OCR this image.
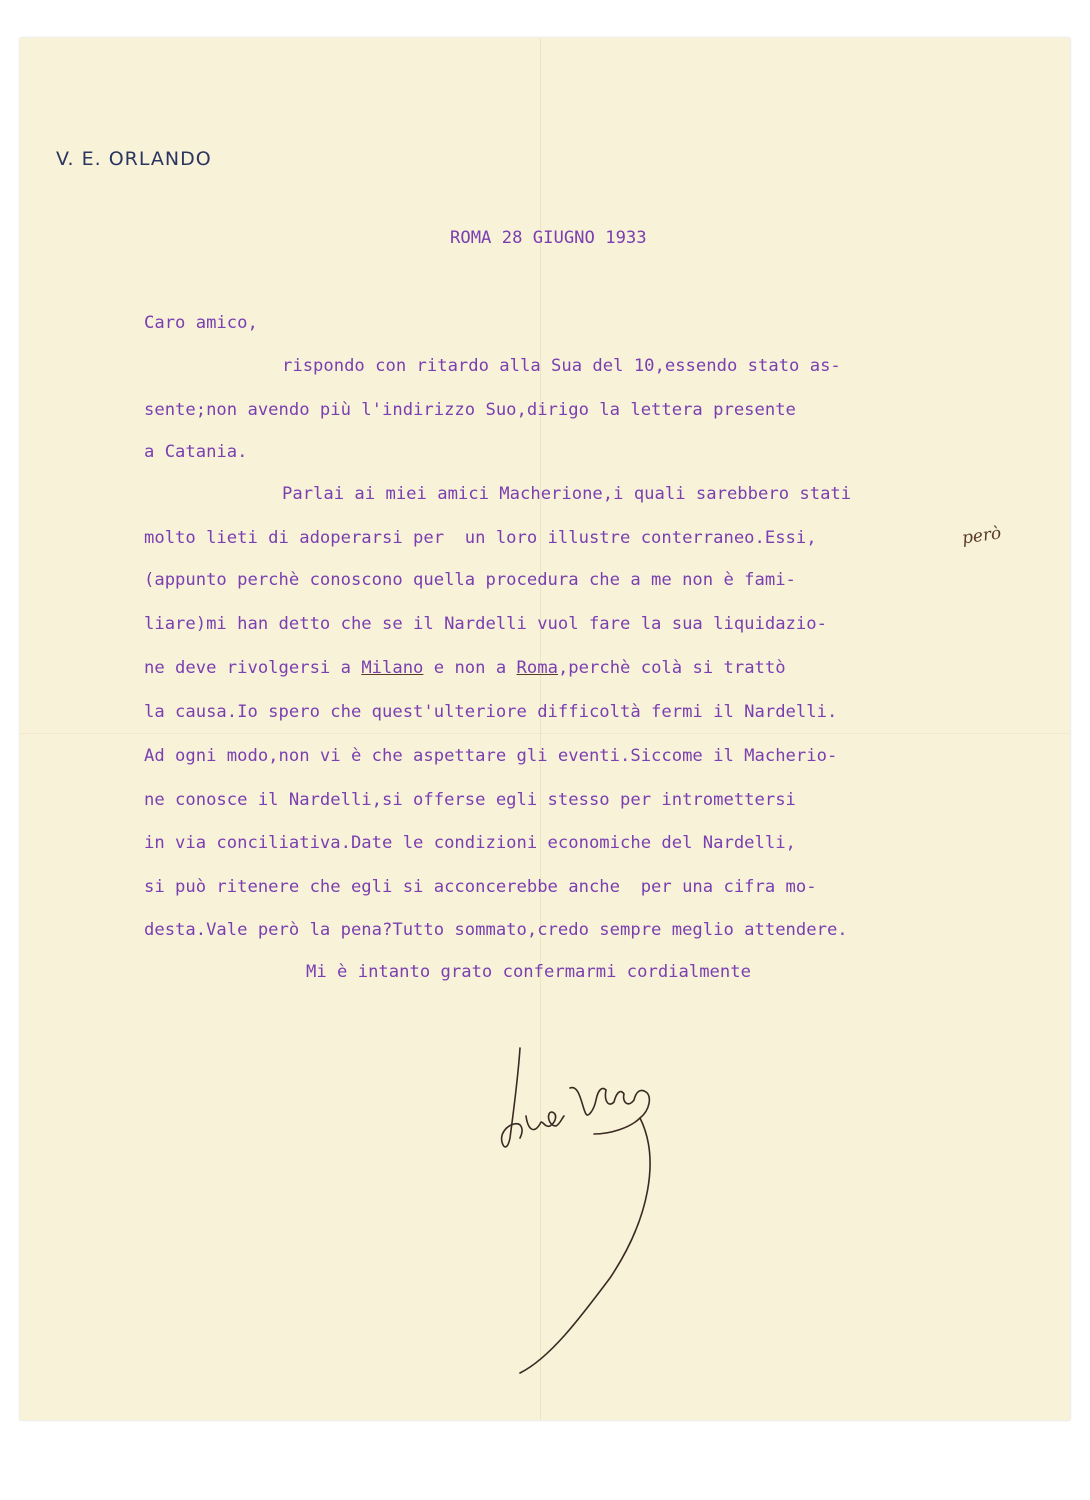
V. E. ORLANDO
ROMA 28 GIUGNO 1933
Caro amico,
rispondo con ritardo alla Sua del 10,essendo stato as-
sente;non avendo più l'indirizzo Suo,dirigo la lettera presente
a Catania.
Parlai ai miei amici Macherione,i quali sarebbero stati
molto lieti di adoperarsi per  un loro illustre conterraneo.Essi,
(appunto perchè conoscono quella procedura che a me non è fami-
liare)mi han detto che se il Nardelli vuol fare la sua liquidazio-
ne deve rivolgersi a Milano e non a Roma,perchè colà si trattò
la causa.Io spero che quest'ulteriore difficoltà fermi il Nardelli.
Ad ogni modo,non vi è che aspettare gli eventi.Siccome il Macherio-
ne conosce il Nardelli,si offerse egli stesso per intromettersi
in via conciliativa.Date le condizioni economiche del Nardelli,
si può ritenere che egli si acconcerebbe anche  per una cifra mo-
desta.Vale però la pena?Tutto sommato,credo sempre meglio attendere.
Mi è intanto grato confermarmi cordialmente
però
